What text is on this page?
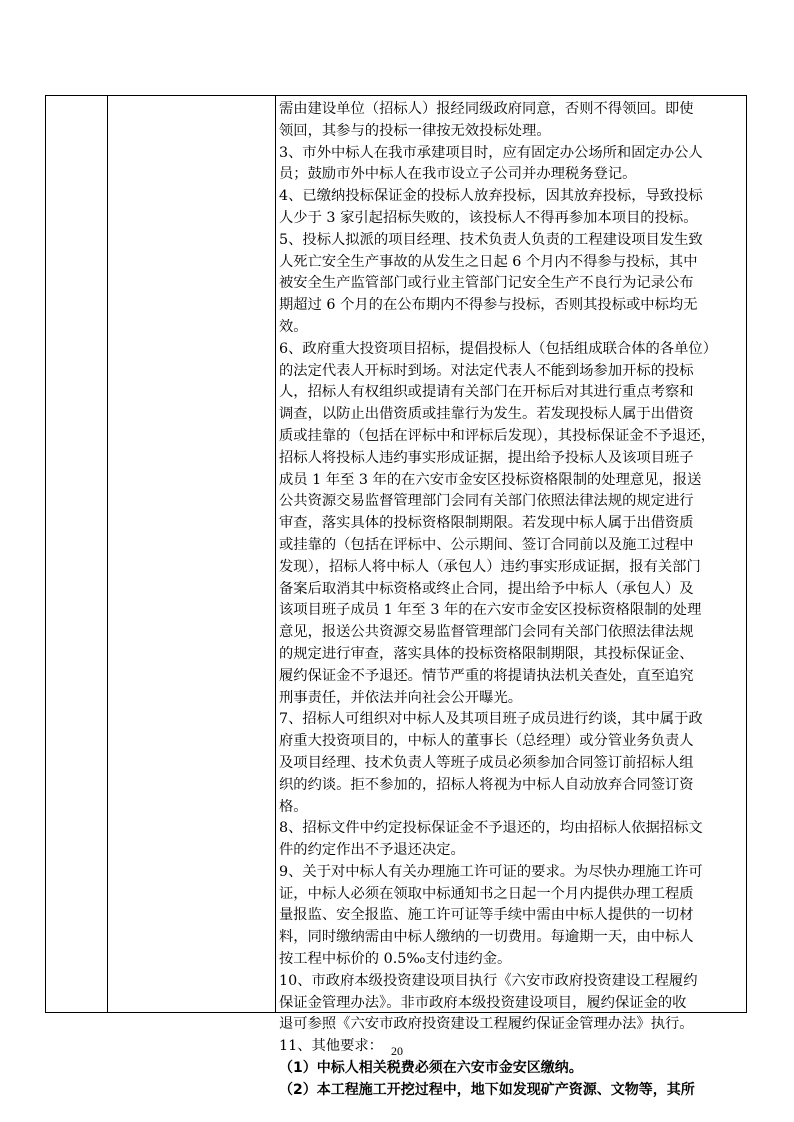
需由建设单位（招标人）报经同级政府同意，否则不得领回。即使
领回，其参与的投标一律按无效投标处理。
3、市外中标人在我市承建项目时，应有固定办公场所和固定办公人
员；鼓励市外中标人在我市设立子公司并办理税务登记。
4、已缴纳投标保证金的投标人放弃投标，因其放弃投标，导致投标
人少于 3 家引起招标失败的，该投标人不得再参加本项目的投标。
5、投标人拟派的项目经理、技术负责人负责的工程建设项目发生致
人死亡安全生产事故的从发生之日起 6 个月内不得参与投标，其中
被安全生产监管部门或行业主管部门记安全生产不良行为记录公布
期超过 6 个月的在公布期内不得参与投标，否则其投标或中标均无
效。
6、政府重大投资项目招标，提倡投标人（包括组成联合体的各单位）
的法定代表人开标时到场。对法定代表人不能到场参加开标的投标
人，招标人有权组织或提请有关部门在开标后对其进行重点考察和
调查，以防止出借资质或挂靠行为发生。若发现投标人属于出借资
质或挂靠的（包括在评标中和评标后发现），其投标保证金不予退还，
招标人将投标人违约事实形成证据，提出给予投标人及该项目班子
成员 1 年至 3 年的在六安市金安区投标资格限制的处理意见，报送
公共资源交易监督管理部门会同有关部门依照法律法规的规定进行
审查，落实具体的投标资格限制期限。若发现中标人属于出借资质
或挂靠的（包括在评标中、公示期间、签订合同前以及施工过程中
发现），招标人将中标人（承包人）违约事实形成证据，报有关部门
备案后取消其中标资格或终止合同，提出给予中标人（承包人）及
该项目班子成员 1 年至 3 年的在六安市金安区投标资格限制的处理
意见，报送公共资源交易监督管理部门会同有关部门依照法律法规
的规定进行审查，落实具体的投标资格限制期限，其投标保证金、
履约保证金不予退还。情节严重的将提请执法机关查处，直至追究
刑事责任，并依法并向社会公开曝光。
7、招标人可组织对中标人及其项目班子成员进行约谈，其中属于政
府重大投资项目的，中标人的董事长（总经理）或分管业务负责人
及项目经理、技术负责人等班子成员必须参加合同签订前招标人组
织的约谈。拒不参加的，招标人将视为中标人自动放弃合同签订资
格。
8、招标文件中约定投标保证金不予退还的，均由招标人依据招标文
件的约定作出不予退还决定。
9、关于对中标人有关办理施工许可证的要求。为尽快办理施工许可
证，中标人必须在领取中标通知书之日起一个月内提供办理工程质
量报监、安全报监、施工许可证等手续中需由中标人提供的一切材
料，同时缴纳需由中标人缴纳的一切费用。每逾期一天，由中标人
按工程中标价的 0.5‰支付违约金。
10、市政府本级投资建设项目执行《六安市政府投资建设工程履约
保证金管理办法》。非市政府本级投资建设项目，履约保证金的收
退可参照《六安市政府投资建设工程履约保证金管理办法》执行。
11、其他要求：
（1）中标人相关税费必须在六安市金安区缴纳。
（2）本工程施工开挖过程中，地下如发现矿产资源、文物等，其所
20
